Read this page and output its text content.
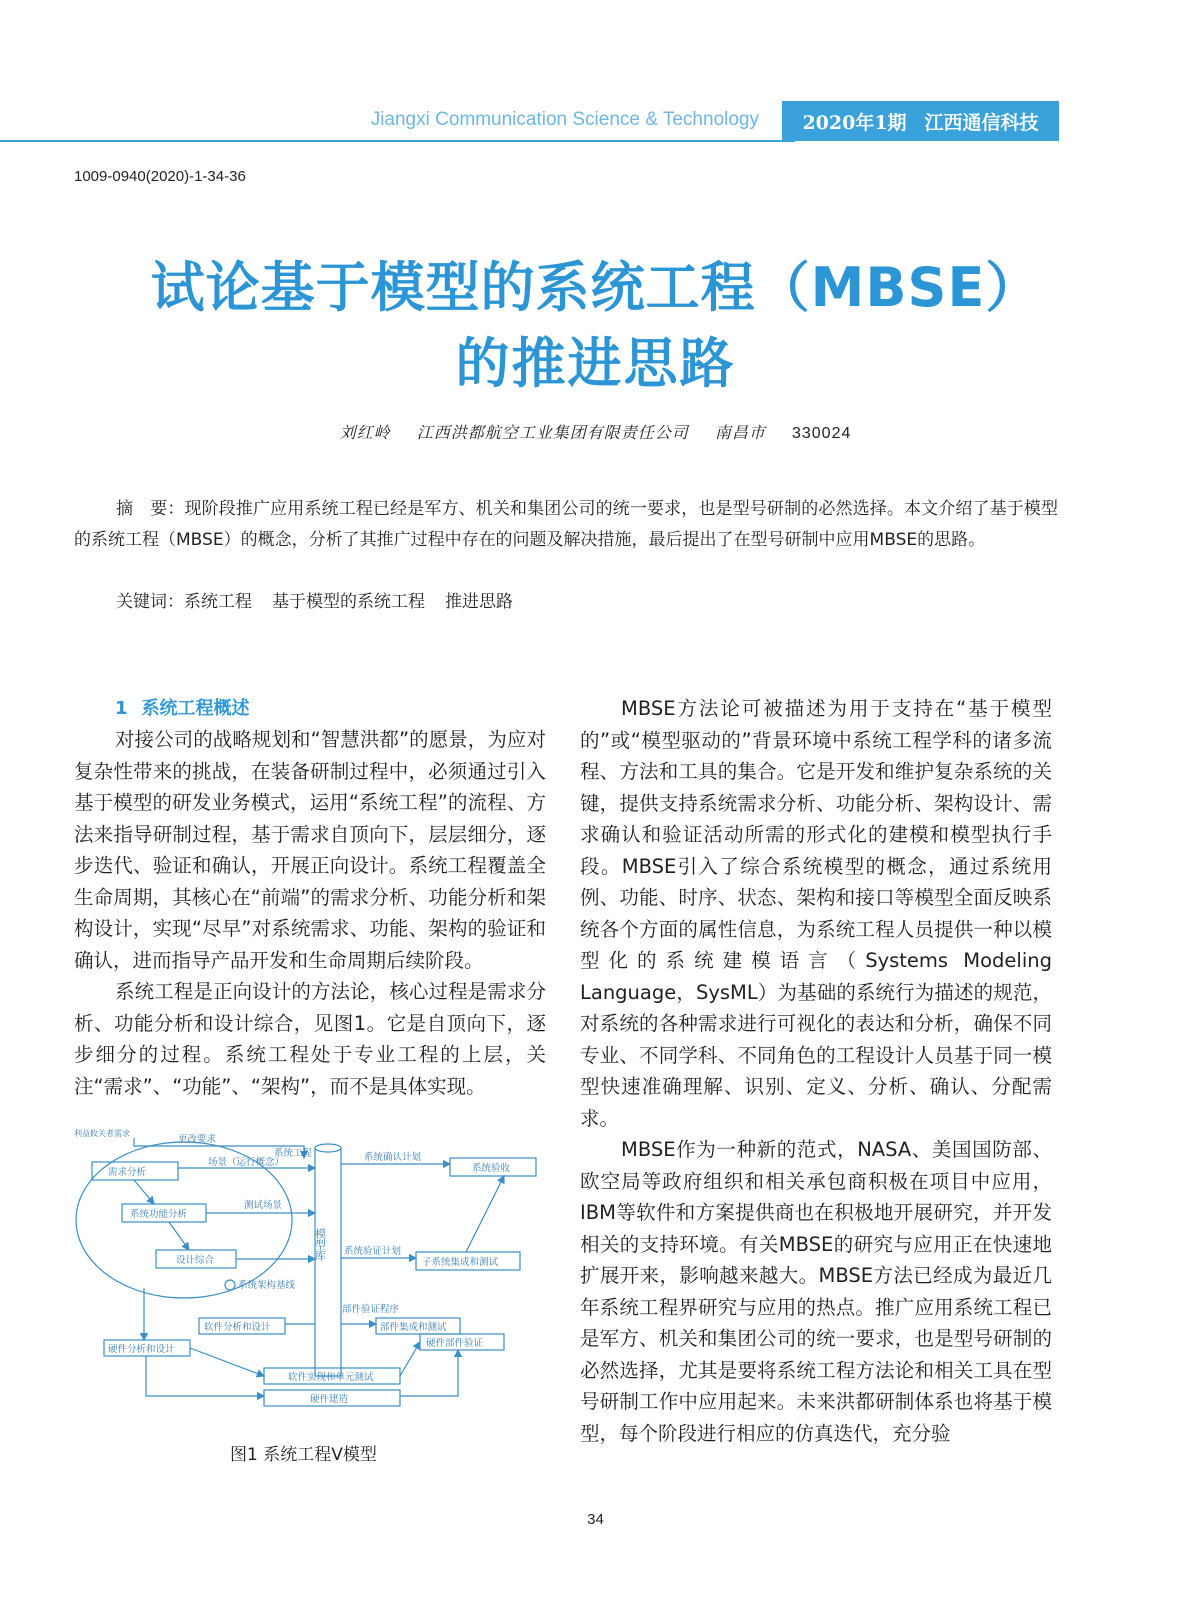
Jiangxi Communication Science & Technology 2020年1期 江西通信科技
1009-0940(2020)-1-34-36
试论基于模型的系统工程（MBSE）
的推进思路
刘红岭 江西洪都航空工业集团有限责任公司 南昌市 330024
摘　要：现阶段推广应用系统工程已经是军方、机关和集团公司的统一要求，也是型号研制的必然选择。本文介绍了基于模型的系统工程（MBSE）的概念，分析了其推广过程中存在的问题及解决措施，最后提出了在型号研制中应用MBSE的思路。
关键词：系统工程 基于模型的系统工程 推进思路
1 系统工程概述

对接公司的战略规划和“智慧洪都”的愿景，为应对复杂性带来的挑战，在装备研制过程中，必须通过引入基于模型的研发业务模式，运用“系统工程”的流程、方法来指导研制过程，基于需求自顶向下，层层细分，逐步迭代、验证和确认，开展正向设计。系统工程覆盖全生命周期，其核心在“前端”的需求分析、功能分析和架构设计，实现“尽早”对系统需求、功能、架构的验证和确认，进而指导产品开发和生命周期后续阶段。

系统工程是正向设计的方法论，核心过程是需求分析、功能分析和设计综合，见图1。它是自顶向下，逐步细分的过程。系统工程处于专业工程的上层，关注“需求”、“功能”、“架构”，而不是具体实现。

MBSE方法论可被描述为用于支持在“基于模型的”或“模型驱动的”背景环境中系统工程学科的诸多流程、方法和工具的集合。它是开发和维护复杂系统的关键，提供支持系统需求分析、功能分析、架构设计、需求确认和验证活动所需的形式化的建模和模型执行手段。MBSE引入了综合系统模型的概念，通过系统用例、功能、时序、状态、架构和接口等模型全面反映系统各个方面的属性信息，为系统工程人员提供一种以模型化的系统建模语言（Systems Modeling Language，SysML）为基础的系统行为描述的规范，对系统的各种需求进行可视化的表达和分析，确保不同专业、不同学科、不同角色的工程设计人员基于同一模型快速准确理解、识别、定义、分析、确认、分配需求。

MBSE作为一种新的范式，NASA、美国国防部、欧空局等政府组织和相关承包商积极在项目中应用，IBM等软件和方案提供商也在积极地开展研究，并开发相关的支持环境。有关MBSE的研究与应用正在快速地扩展开来，影响越来越大。MBSE方法已经成为最近几年系统工程界研究与应用的热点。推广应用系统工程已是军方、机关和集团公司的统一要求，也是型号研制的必然选择，尤其是要将系统工程方法论和相关工具在型号研制工作中应用起来。未来洪都研制体系也将基于模型，每个阶段进行相应的仿真迭代，充分验

利益攸关者需求
更改要求
系统工程
场景（运行概念）
需求分析
系统功能分析
测试场景
设计综合
系统确认计划
系统验收
系统验证计划
子系统集成和测试
系统架构基线
部件验证程序
软件分析和设计	部件集成和测试
硬件分析和设计
硬件部件验证
软件实现和单元测试
硬件建造
模型库
图1 系统工程V模型
34
